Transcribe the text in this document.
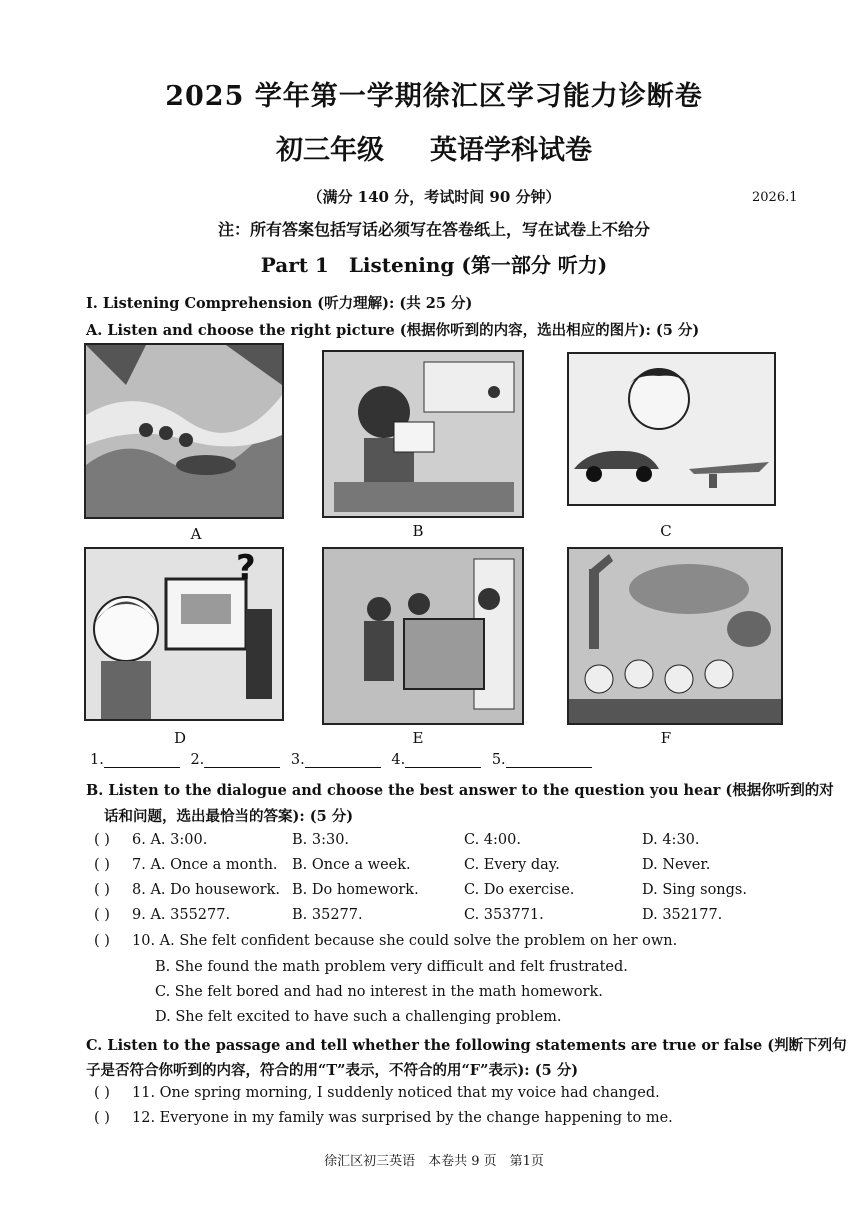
2025 学年第一学期徐汇区学习能力诊断卷
初三年级 英语学科试卷
（满分 140 分，考试时间 90 分钟）	2026.1
注：所有答案包括写话必须写在答卷纸上，写在试卷上不给分
Part 1　Listening (第一部分 听力)
I. Listening Comprehension (听力理解): (共 25 分)
A. Listen and choose the right picture (根据你听到的内容，选出相应的图片): (5 分)
A	B	C
?
D	E	F
1.	2.	3.	4.	5.
B. Listen to the dialogue and choose the best answer to the question you hear (根据你听到的对
话和问题，选出最恰当的答案): (5 分)
( ) 6. A. 3:00.	B. 3:30.	C. 4:00.	D. 4:30.
( ) 7. A. Once a month. B. Once a week.	C. Every day.	D. Never.
( ) 8. A. Do housework. B. Do homework.	C. Do exercise.	D. Sing songs.
( ) 9. A. 355277.	B. 35277.	C. 353771.	D. 352177.
( ) 10. A. She felt confident because she could solve the problem on her own.
B. She found the math problem very difficult and felt frustrated.
C. She felt bored and had no interest in the math homework.
D. She felt excited to have such a challenging problem.
C. Listen to the passage and tell whether the following statements are true or false (判断下列句
子是否符合你听到的内容，符合的用“T”表示，不符合的用“F”表示): (5 分)
( ) 11. One spring morning, I suddenly noticed that my voice had changed.
( ) 12. Everyone in my family was surprised by the change happening to me.
徐汇区初三英语　本卷共 9 页　第1页
